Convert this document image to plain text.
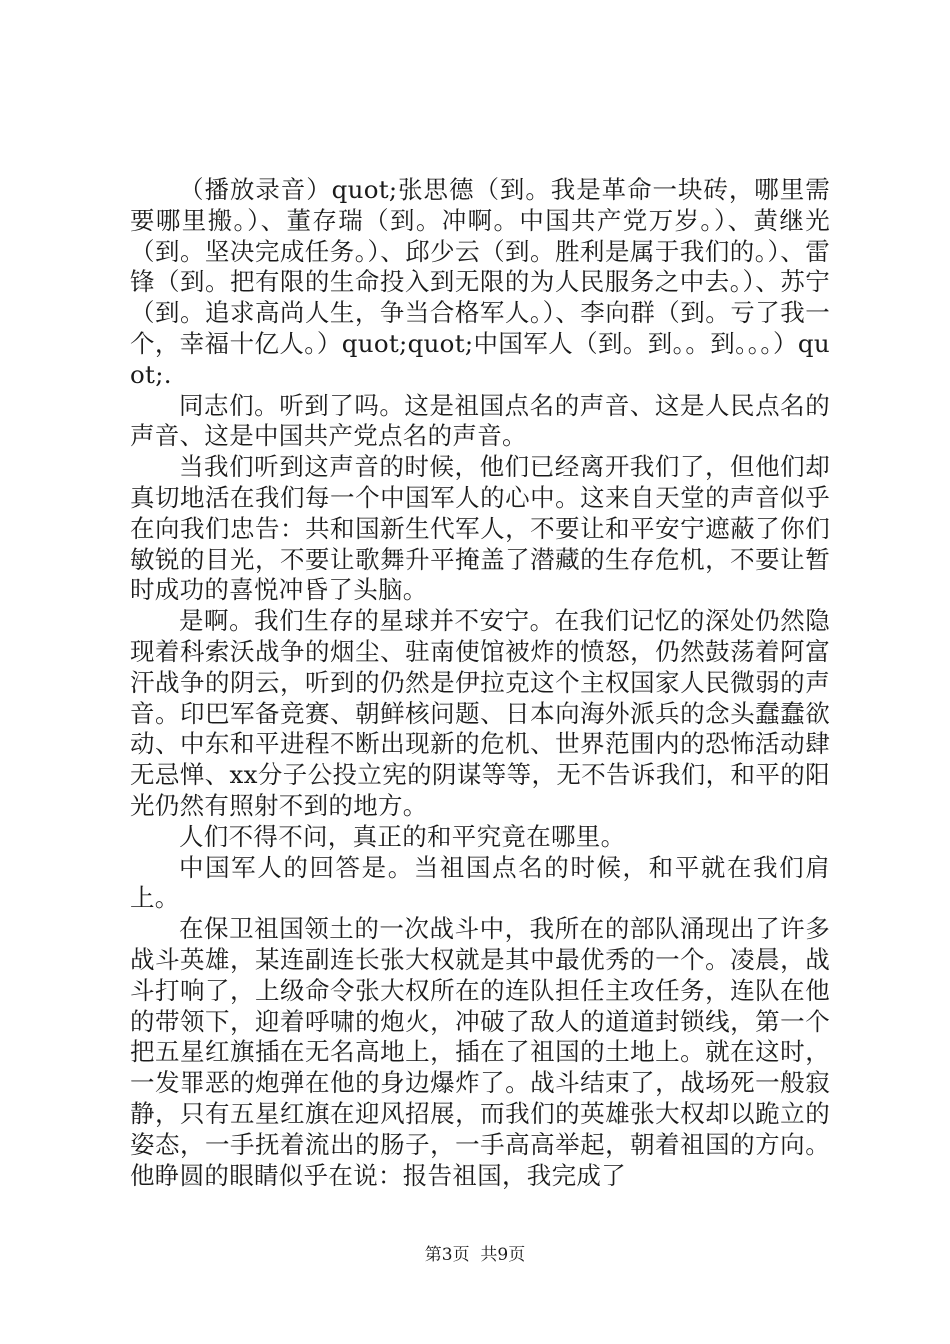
（播放录音）quot;张思德（到。我是革命一块砖，哪里需要哪里搬。）、董存瑞（到。冲啊。中国共产党万岁。）、黄继光（到。坚决完成任务。）、邱少云（到。胜利是属于我们的。）、雷锋（到。把有限的生命投入到无限的为人民服务之中去。）、苏宁（到。追求高尚人生，争当合格军人。）、李向群（到。亏了我一个，幸福十亿人。）quot;quot;中国军人（到。到。。到。。。）quot;.

同志们。听到了吗。这是祖国点名的声音、这是人民点名的声音、这是中国共产党点名的声音。

当我们听到这声音的时候，他们已经离开我们了，但他们却真切地活在我们每一个中国军人的心中。这来自天堂的声音似乎在向我们忠告：共和国新生代军人，不要让和平安宁遮蔽了你们敏锐的目光，不要让歌舞升平掩盖了潜藏的生存危机，不要让暂时成功的喜悦冲昏了头脑。

是啊。我们生存的星球并不安宁。在我们记忆的深处仍然隐现着科索沃战争的烟尘、驻南使馆被炸的愤怒，仍然鼓荡着阿富汗战争的阴云，听到的仍然是伊拉克这个主权国家人民微弱的声音。印巴军备竞赛、朝鲜核问题、日本向海外派兵的念头蠢蠢欲动、中东和平进程不断出现新的危机、世界范围内的恐怖活动肆无忌惮、xx分子公投立宪的阴谋等等，无不告诉我们，和平的阳光仍然有照射不到的地方。

人们不得不问，真正的和平究竟在哪里。

中国军人的回答是。当祖国点名的时候，和平就在我们肩上。

在保卫祖国领土的一次战斗中，我所在的部队涌现出了许多战斗英雄，某连副连长张大权就是其中最优秀的一个。凌晨，战斗打响了，上级命令张大权所在的连队担任主攻任务，连队在他的带领下，迎着呼啸的炮火，冲破了敌人的道道封锁线，第一个把五星红旗插在无名高地上，插在了祖国的土地上。就在这时，一发罪恶的炮弹在他的身边爆炸了。战斗结束了，战场死一般寂静，只有五星红旗在迎风招展，而我们的英雄张大权却以跪立的姿态，一手抚着流出的肠子，一手高高举起，朝着祖国的方向。他睁圆的眼睛似乎在说：报告祖国，我完成了

第3页  共9页
